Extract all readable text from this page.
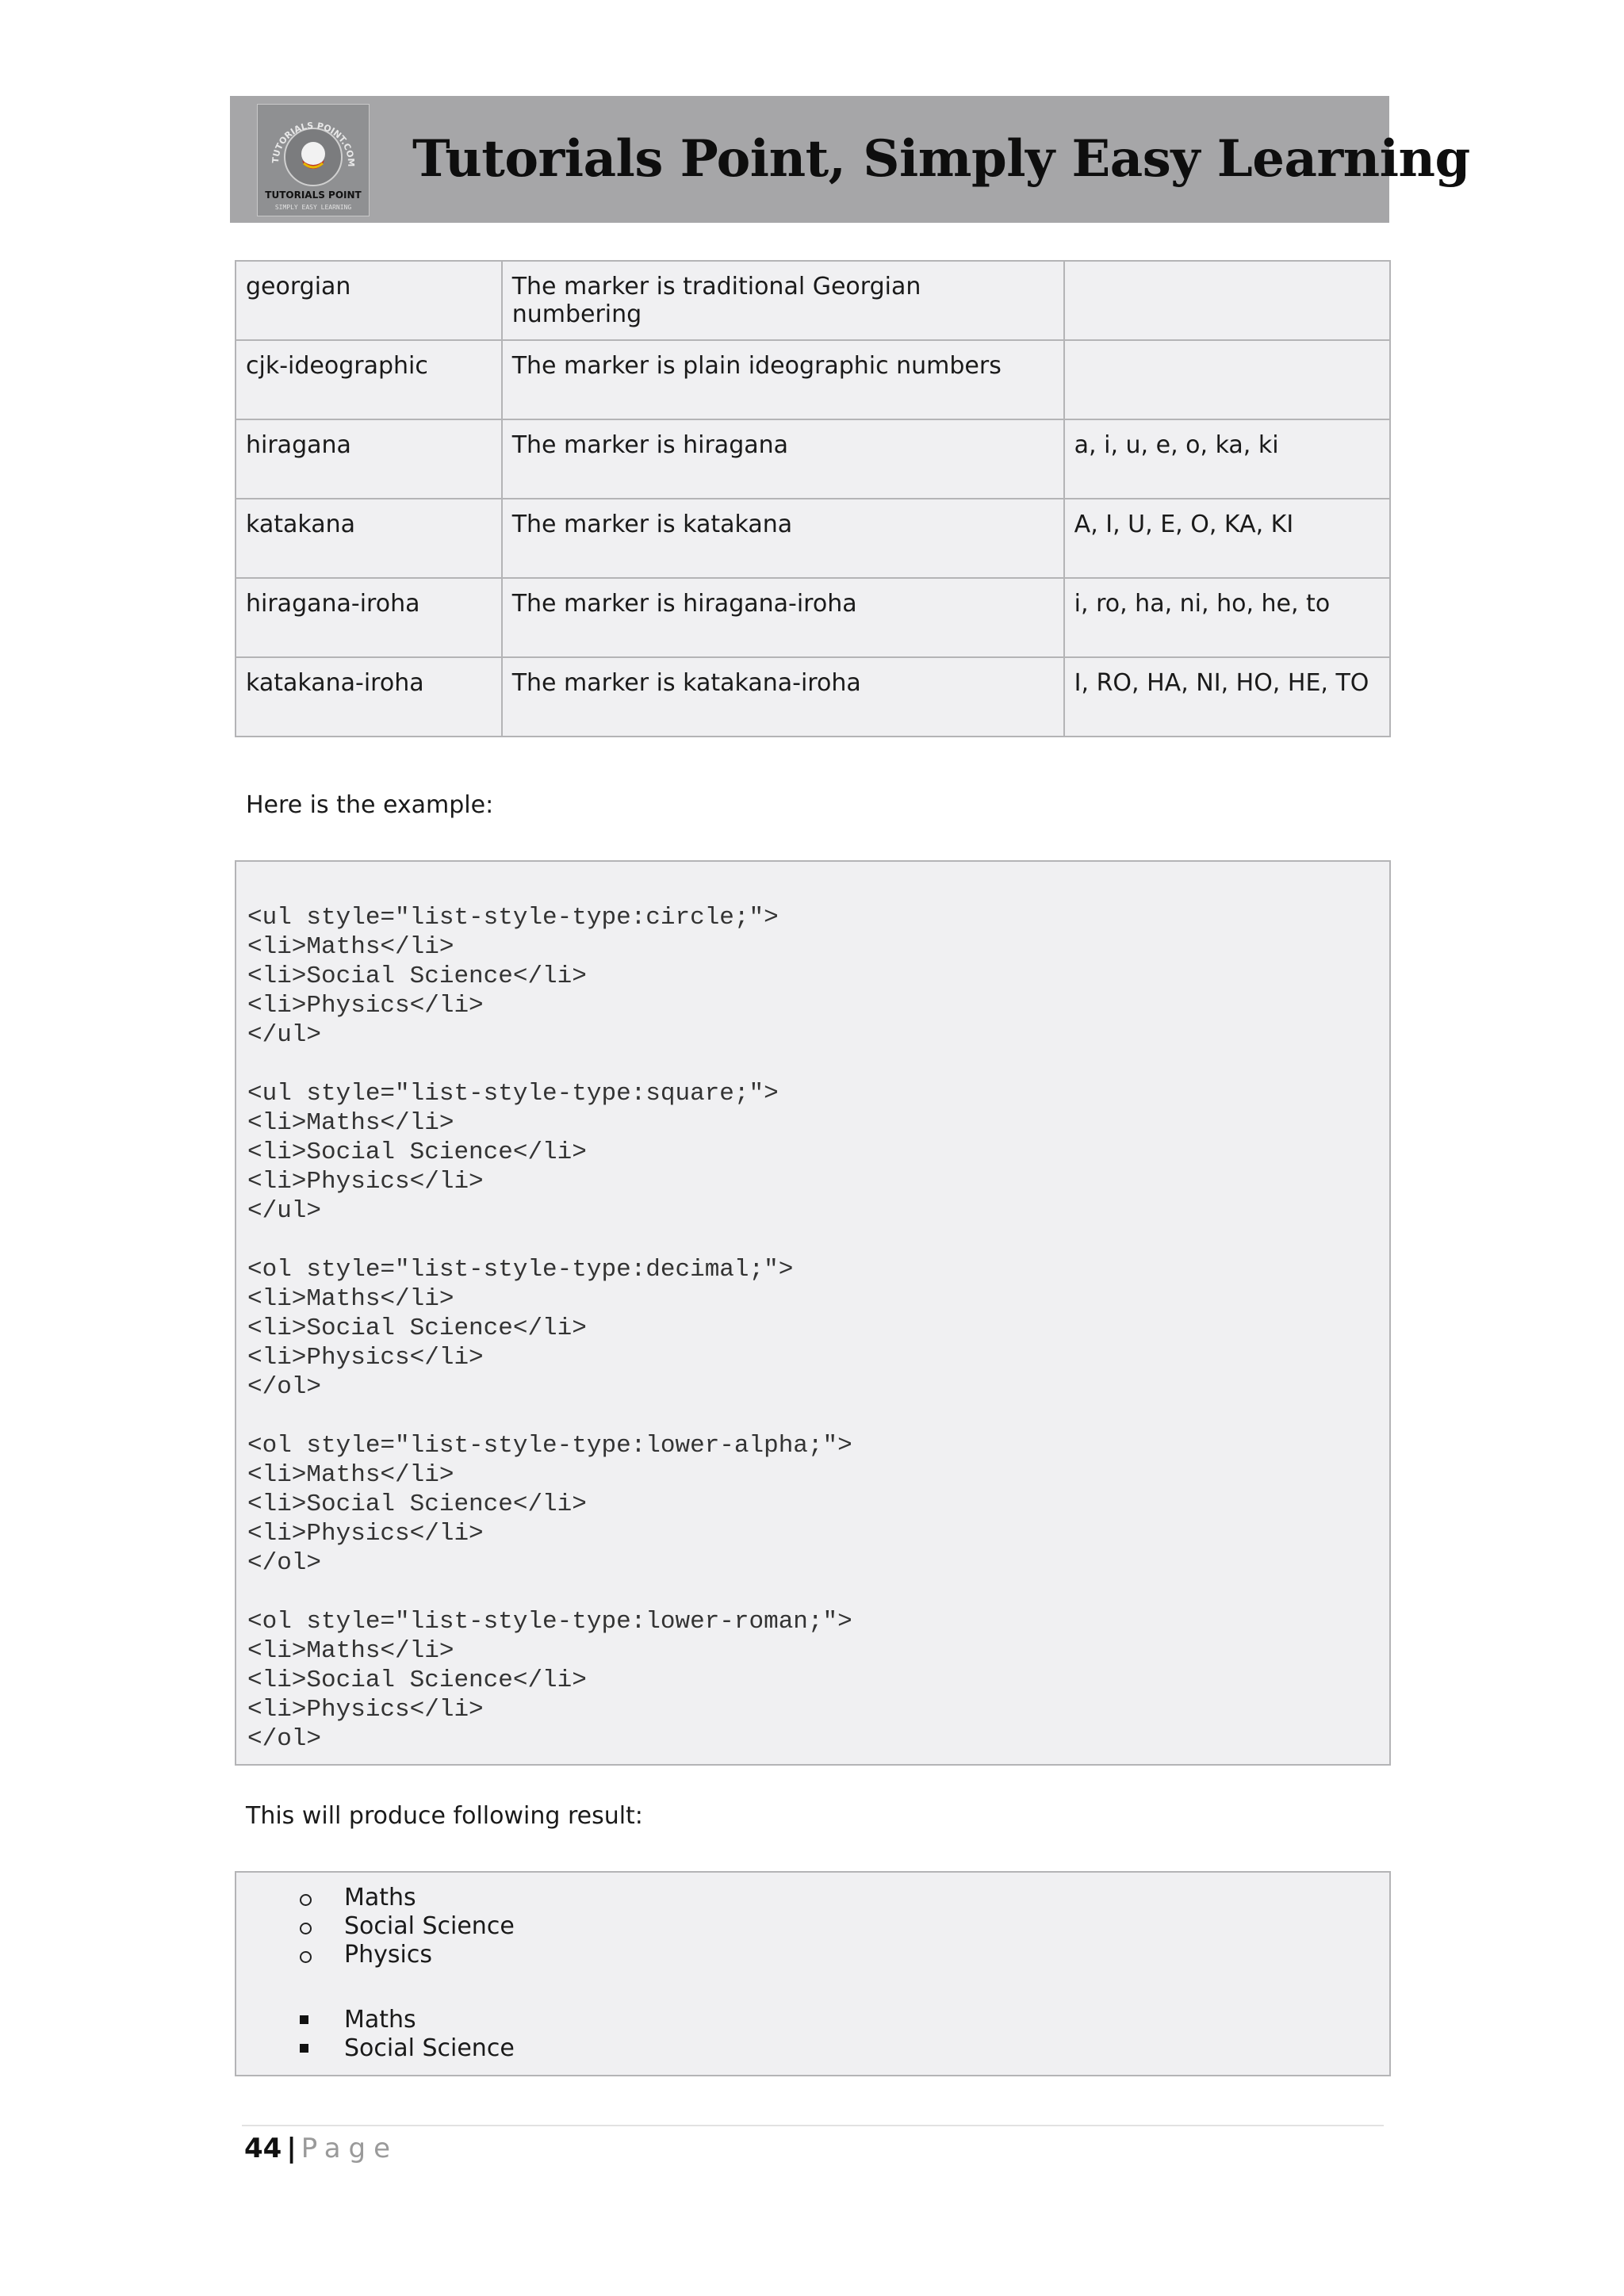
TUTORIALS POINT.COM
TUTORIALS POINT
SIMPLY EASY LEARNING
Tutorials Point, Simply Easy Learning
georgian	The marker is traditional Georgian numbering	
cjk-ideographic	The marker is plain ideographic numbers	
hiragana	The marker is hiragana	a, i, u, e, o, ka, ki
katakana	The marker is katakana	A, I, U, E, O, KA, KI
hiragana-iroha	The marker is hiragana-iroha	i, ro, ha, ni, ho, he, to
katakana-iroha	The marker is katakana-iroha	I, RO, HA, NI, HO, HE, TO
Here is the example:
<ul style="list-style-type:circle;">
<li>Maths</li>
<li>Social Science</li>
<li>Physics</li>
</ul>

<ul style="list-style-type:square;">
<li>Maths</li>
<li>Social Science</li>
<li>Physics</li>
</ul>

<ol style="list-style-type:decimal;">
<li>Maths</li>
<li>Social Science</li>
<li>Physics</li>
</ol>

<ol style="list-style-type:lower-alpha;">
<li>Maths</li>
<li>Social Science</li>
<li>Physics</li>
</ol>

<ol style="list-style-type:lower-roman;">
<li>Maths</li>
<li>Social Science</li>
<li>Physics</li>
</ol>
This will produce following result:
Maths
Social Science
Physics
Maths
Social Science
44 | Page
